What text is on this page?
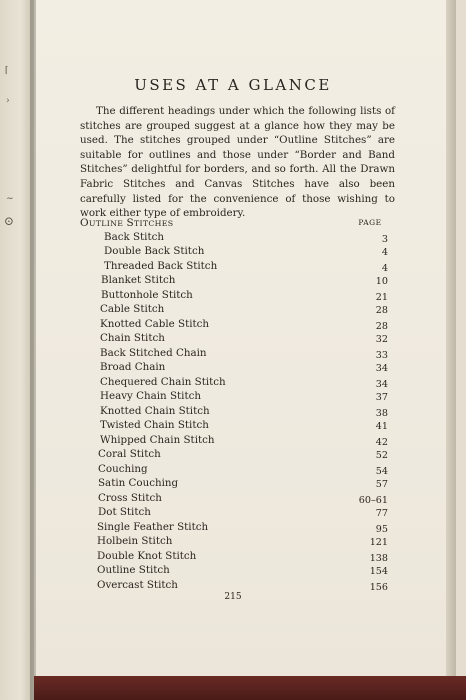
⌈
›
∼
⊙
USES AT A GLANCE
The different headings under which the following lists of stitches are grouped suggest at a glance how they may be used. The stitches grouped under “Outline Stitches” are suitable for outlines and those under “Border and Band Stitches” delightful for borders, and so forth. All the Drawn Fabric Stitches and Canvas Stitches have also been carefully listed for the convenience of those wishing to work either type of embroidery.
OUTLINE STITCHES	PAGE
Back Stitch	3
Double Back Stitch	4
Threaded Back Stitch	4
Blanket Stitch	10
Buttonhole Stitch	21
Cable Stitch	28
Knotted Cable Stitch	28
Chain Stitch	32
Back Stitched Chain	33
Broad Chain	34
Chequered Chain Stitch	34
Heavy Chain Stitch	37
Knotted Chain Stitch	38
Twisted Chain Stitch	41
Whipped Chain Stitch	42
Coral Stitch	52
Couching	54
Satin Couching	57
Cross Stitch	60–61
Dot Stitch	77
Single Feather Stitch	95
Holbein Stitch	121
Double Knot Stitch	138
Outline Stitch	154
Overcast Stitch	156
215
